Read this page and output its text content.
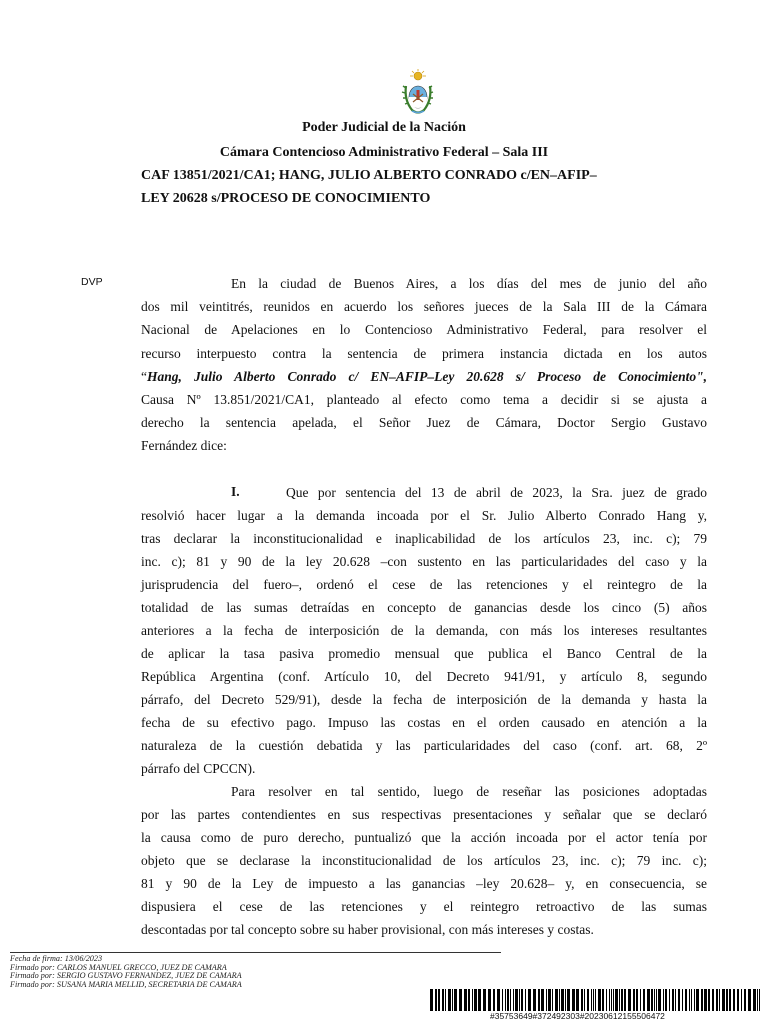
Poder Judicial de la Nación
Cámara Contencioso Administrativo Federal – Sala III
CAF 13851/2021/CA1; HANG, JULIO ALBERTO CONRADO c/EN–AFIP–
LEY 20628 s/PROCESO DE CONOCIMIENTO
DVP	En la ciudad de Buenos Aires, a los días del mes de junio del año
dos mil veintitrés, reunidos en acuerdo los señores jueces de la Sala III de la Cámara
Nacional de Apelaciones en lo Contencioso Administrativo Federal, para resolver el
recurso interpuesto contra la sentencia de primera instancia dictada en los autos
“Hang, Julio Alberto Conrado c/ EN–AFIP–Ley 20.628 s/ Proceso de Conocimiento",
Causa Nº 13.851/2021/CA1, planteado al efecto como tema a decidir si se ajusta a
derecho la sentencia apelada, el Señor Juez de Cámara, Doctor Sergio Gustavo
Fernández dice:
I.	Que por sentencia del 13 de abril de 2023, la Sra. juez de grado
resolvió hacer lugar a la demanda incoada por el Sr. Julio Alberto Conrado Hang y,
tras declarar la inconstitucionalidad e inaplicabilidad de los artículos 23, inc. c); 79
inc. c); 81 y 90 de la ley 20.628 –con sustento en las particularidades del caso y la
jurisprudencia del fuero–, ordenó el cese de las retenciones y el reintegro de la
totalidad de las sumas detraídas en concepto de ganancias desde los cinco (5) años
anteriores a la fecha de interposición de la demanda, con más los intereses resultantes
de aplicar la tasa pasiva promedio mensual que publica el Banco Central de la
República Argentina (conf. Artículo 10, del Decreto 941/91, y artículo 8, segundo
párrafo, del Decreto 529/91), desde la fecha de interposición de la demanda y hasta la
fecha de su efectivo pago. Impuso las costas en el orden causado en atención a la
naturaleza de la cuestión debatida y las particularidades del caso (conf. art. 68, 2º
párrafo del CPCCN).
Para resolver en tal sentido, luego de reseñar las posiciones adoptadas
por las partes contendientes en sus respectivas presentaciones y señalar que se declaró
la causa como de puro derecho, puntualizó que la acción incoada por el actor tenía por
objeto que se declarase la inconstitucionalidad de los artículos 23, inc. c); 79 inc. c);
81 y 90 de la Ley de impuesto a las ganancias –ley 20.628– y, en consecuencia, se
dispusiera el cese de las retenciones y el reintegro retroactivo de las sumas
descontadas por tal concepto sobre su haber provisional, con más intereses y costas.
Fecha de firma: 13/06/2023
Firmado por: CARLOS MANUEL GRECCO, JUEZ DE CAMARA
Firmado por: SERGIO GUSTAVO FERNANDEZ, JUEZ DE CAMARA
Firmado por: SUSANA MARIA MELLID, SECRETARIA DE CAMARA
#35753649#372492303#20230612155506472
